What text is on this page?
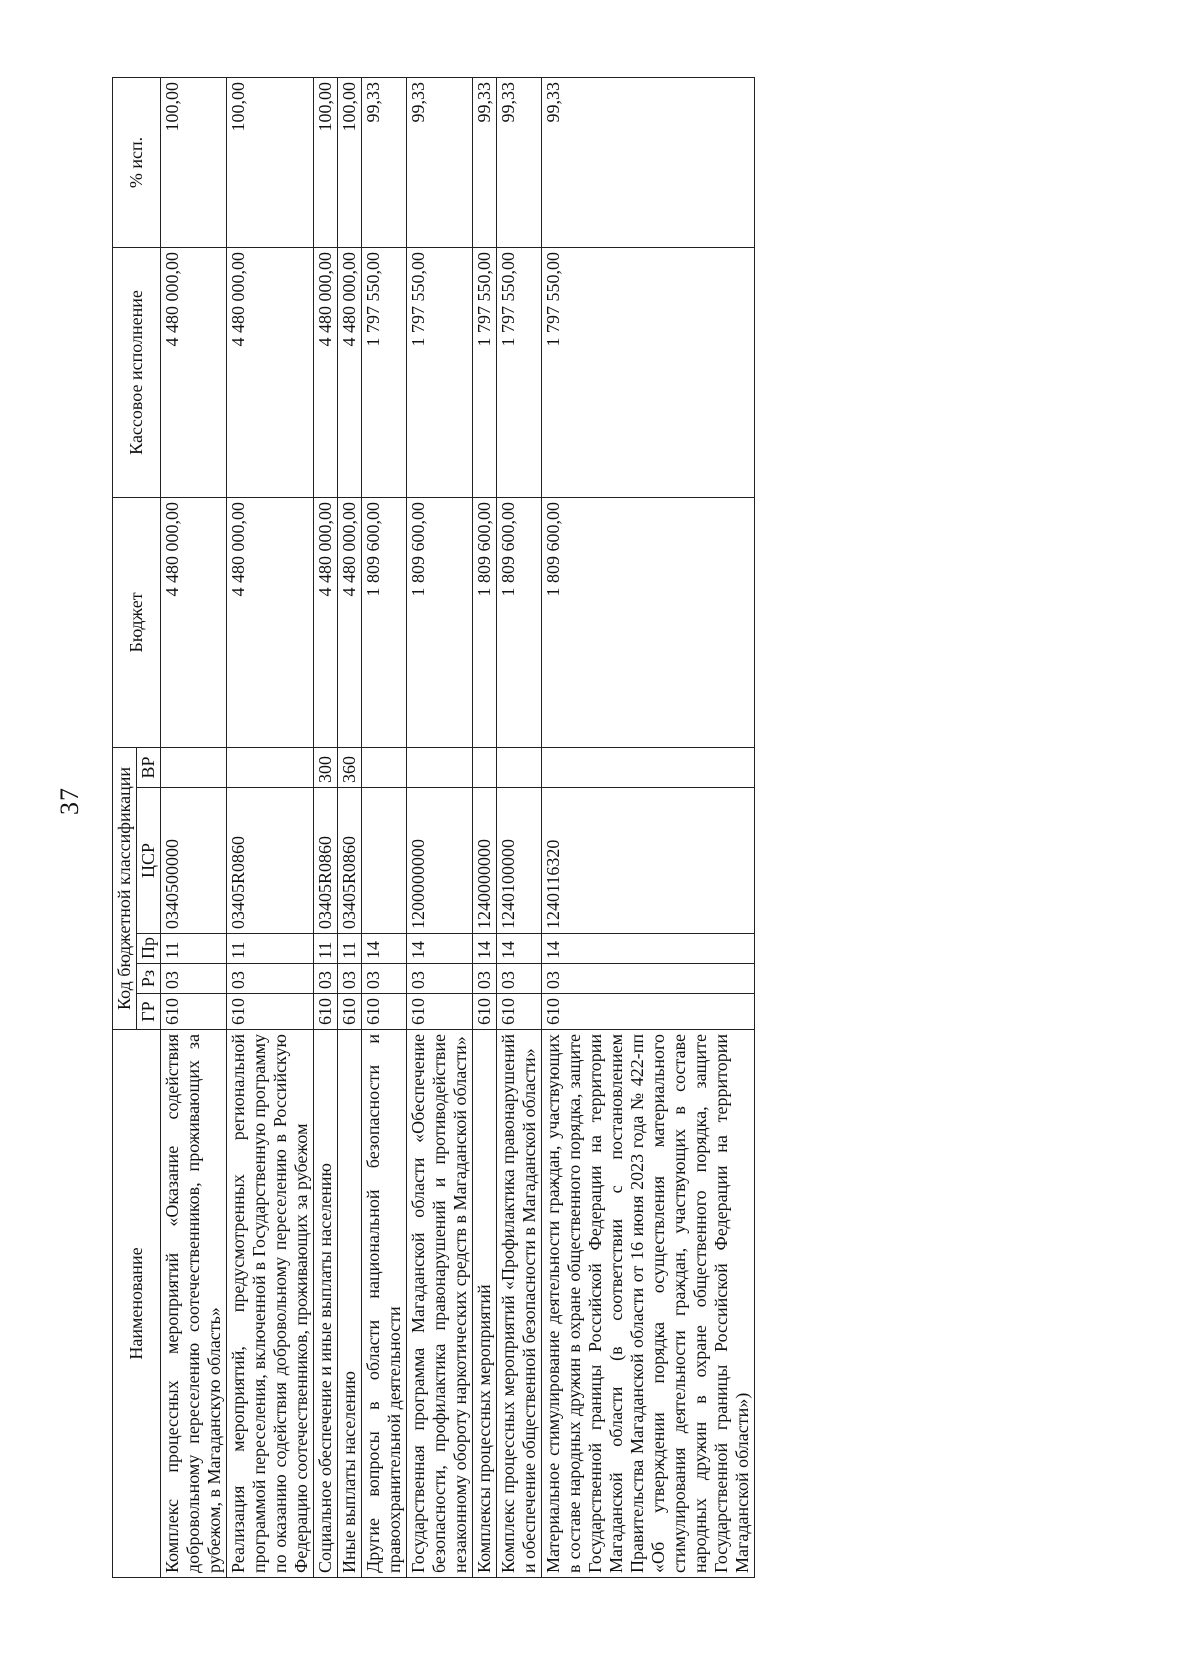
37
Наименование	Код бюджетной классификации					Бюджет	Кассовое исполнение	% исп.
	ГР	Рз	Пр	ЦСР	ВР			
Комплекс процессных мероприятий «Оказание содействия добровольному переселению соотечественников, проживающих за рубежом, в Магаданскую область»	610	03	11	0340500000		4 480 000,00	4 480 000,00	100,00
Реализация мероприятий, предусмотренных региональной программой переселения, включенной в Государственную программу по оказанию содействия добровольному переселению в Российскую Федерацию соотечественников, проживающих за рубежом	610	03	11	03405R0860		4 480 000,00	4 480 000,00	100,00
Социальное обеспечение и иные выплаты населению	610	03	11	03405R0860	300	4 480 000,00	4 480 000,00	100,00
Иные выплаты населению	610	03	11	03405R0860	360	4 480 000,00	4 480 000,00	100,00
Другие вопросы в области национальной безопасности и правоохранительной деятельности	610	03	14			1 809 600,00	1 797 550,00	99,33
Государственная программа Магаданской области «Обеспечение безопасности, профилактика правонарушений и противодействие незаконному обороту наркотических средств в Магаданской области»	610	03	14	1200000000		1 809 600,00	1 797 550,00	99,33
Комплексы процессных мероприятий	610	03	14	1240000000		1 809 600,00	1 797 550,00	99,33
Комплекс процессных мероприятий «Профилактика правонарушений и обеспечение общественной безопасности в Магаданской области»	610	03	14	1240100000		1 809 600,00	1 797 550,00	99,33
Материальное стимулирование деятельности граждан, участвующих в составе народных дружин в охране общественного порядка, защите Государственной границы Российской Федерации на территории Магаданской области (в соответствии с постановлением Правительства Магаданской области от 16 июня 2023 года № 422-пп «Об утверждении порядка осуществления материального стимулирования деятельности граждан, участвующих в составе народных дружин в охране общественного порядка, защите Государственной границы Российской Федерации на территории Магаданской области»)	610	03	14	1240116320		1 809 600,00	1 797 550,00	99,33
